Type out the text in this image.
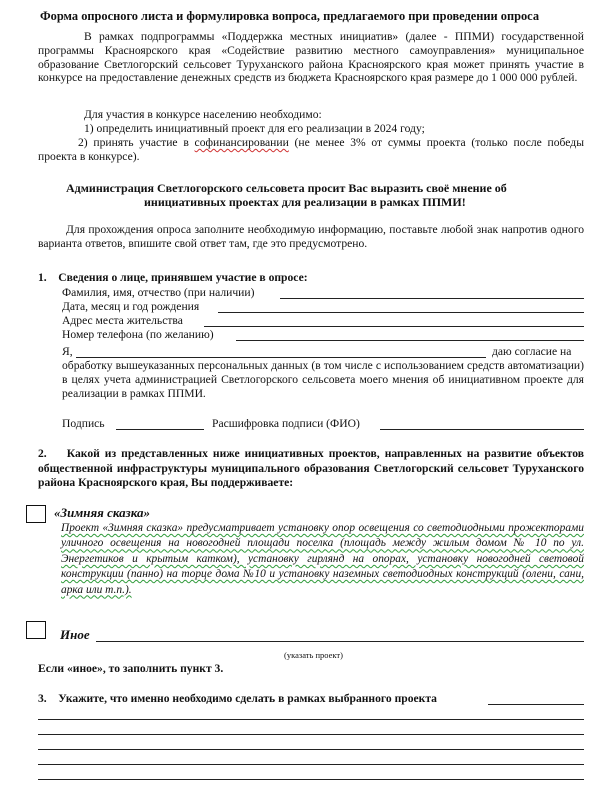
Форма опросного листа и формулировка вопроса, предлагаемого при проведении опроса
В рамках подпрограммы «Поддержка местных инициатив» (далее - ППМИ) государственной программы Красноярского края «Содействие развитию местного самоуправления» муниципальное образование Светлогорский сельсовет Туруханского района Красноярского края может принять участие в конкурсе на предоставление денежных средств из бюджета Красноярского края размере до 1 000 000 рублей.
Для участия в конкурсе населению необходимо:
1) определить инициативный проект для его реализации в 2024 году;
2) принять участие в софинансировании (не менее 3% от суммы проекта (только после победы проекта в конкурсе).
Администрация Светлогорского сельсовета просит Вас выразить своё мнение об
инициативных проектах для реализации в рамках ППМИ!
Для прохождения опроса заполните необходимую информацию, поставьте любой знак напротив одного варианта ответов, впишите свой ответ там, где это предусмотрено.
1.    Сведения о лице, принявшем участие в опросе:
Фамилия, имя, отчество (при наличии)
Дата, месяц и год рождения
Адрес места жительства
Номер телефона (по желанию)
Я,	даю согласие на
обработку вышеуказанных персональных данных (в том числе с использованием средств автоматизации) в целях учета администрацией Светлогорского сельсовета моего мнения об инициативном проекте для реализации в рамках ППМИ.
Подпись	Расшифровка подписи (ФИО)
2.    Какой из представленных ниже инициативных проектов, направленных на развитие объектов общественной инфраструктуры муниципального образования Светлогорский сельсовет Туруханского района Красноярского края, Вы поддерживаете:
«Зимняя сказка»
Проект «Зимняя сказка» предусматривает установку опор освещения со светодиодными прожекторами уличного освещения на новогодней площади поселка (площадь между жилым домом № 10 по ул. Энергетиков и крытым катком), установку гирлянд на опорах, установку новогодней световой конструкции (панно) на торце дома №10 и установку наземных светодиодных конструкций (олени, сани, арка или т.п.).
Иное
(указать проект)
Если «иное», то заполнить пункт 3.
3.    Укажите, что именно необходимо сделать в рамках выбранного проекта
